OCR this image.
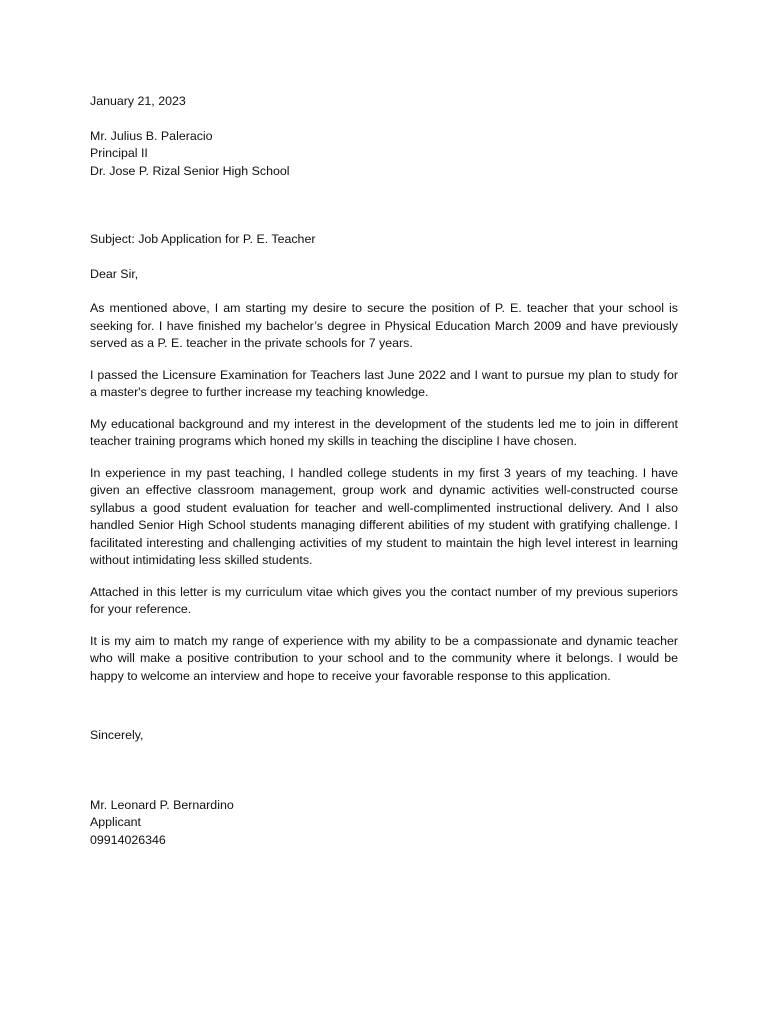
January 21, 2023
Mr. Julius B. Paleracio
Principal II
Dr. Jose P. Rizal Senior High School
Subject: Job Application for P. E. Teacher
Dear Sir,

As mentioned above, I am starting my desire to secure the position of P. E. teacher that your school is seeking for. I have finished my bachelor’s degree in Physical Education March 2009 and have previously served as a P. E. teacher in the private schools for 7 years.

I passed the Licensure Examination for Teachers last June 2022 and I want to pursue my plan to study for a master's degree to further increase my teaching knowledge.

My educational background and my interest in the development of the students led me to join in different teacher training programs which honed my skills in teaching the discipline I have chosen.

In experience in my past teaching, I handled college students in my first 3 years of my teaching. I have given an effective classroom management, group work and dynamic activities well-constructed course syllabus a good student evaluation for teacher and well-complimented instructional delivery. And I also handled Senior High School students managing different abilities of my student with gratifying challenge. I facilitated interesting and challenging activities of my student to maintain the high level interest in learning without intimidating less skilled students.

Attached in this letter is my curriculum vitae which gives you the contact number of my previous superiors for your reference.

It is my aim to match my range of experience with my ability to be a compassionate and dynamic teacher who will make a positive contribution to your school and to the community where it belongs. I would be happy to welcome an interview and hope to receive your favorable response to this application.

Sincerely,
Mr. Leonard P. Bernardino
Applicant
09914026346
